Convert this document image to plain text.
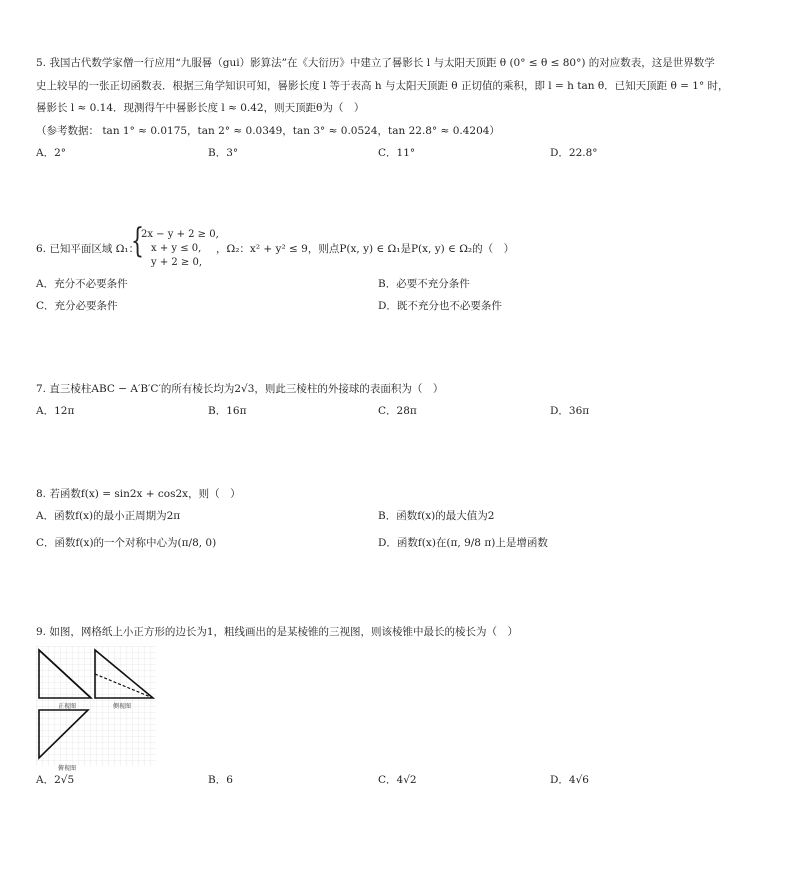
5. 我国古代数学家僧一行应用“九服晷（gui）影算法”在《大衍历》中建立了晷影长 l 与太阳天顶距 θ (0° ≤ θ ≤ 80°) 的对应数表，这是世界数学
史上较早的一张正切函数表．根据三角学知识可知，晷影长度 l 等于表高 h 与太阳天顶距 θ 正切值的乘积，即 l = h tan θ．已知天顶距 θ = 1° 时，
晷影长 l ≈ 0.14．现测得午中晷影长度 l ≈ 0.42，则天顶距θ为（　）
（参考数据： tan 1° ≈ 0.0175，tan 2° ≈ 0.0349，tan 3° ≈ 0.0524，tan 22.8° ≈ 0.4204）
A．2°	B．3°	C．11°	D．22.8°
6. 已知平面区域 Ω₁：
{
2x − y + 2 ≥ 0,
x + y ≤ 0,
y + 2 ≥ 0,
，Ω₂：x² + y² ≤ 9，则点P(x, y) ∈ Ω₁是P(x, y) ∈ Ω₂的（　）
A．充分不必要条件	B．必要不充分条件
C．充分必要条件	D．既不充分也不必要条件
7. 直三棱柱ABC − A′B′C′的所有棱长均为2√3，则此三棱柱的外接球的表面积为（　）
A．12π	B．16π	C．28π	D．36π
8. 若函数f(x) = sin2x + cos2x，则（　）
A．函数f(x)的最小正周期为2π	B．函数f(x)的最大值为2
C．函数f(x)的一个对称中心为(π/8, 0)	D．函数f(x)在(π, 9/8 π)上是增函数
9. 如图，网格纸上小正方形的边长为1，粗线画出的是某棱锥的三视图，则该棱锥中最长的棱长为（　）
正视图	侧视图
俯视图
A．2√5	B．6	C．4√2	D．4√6
